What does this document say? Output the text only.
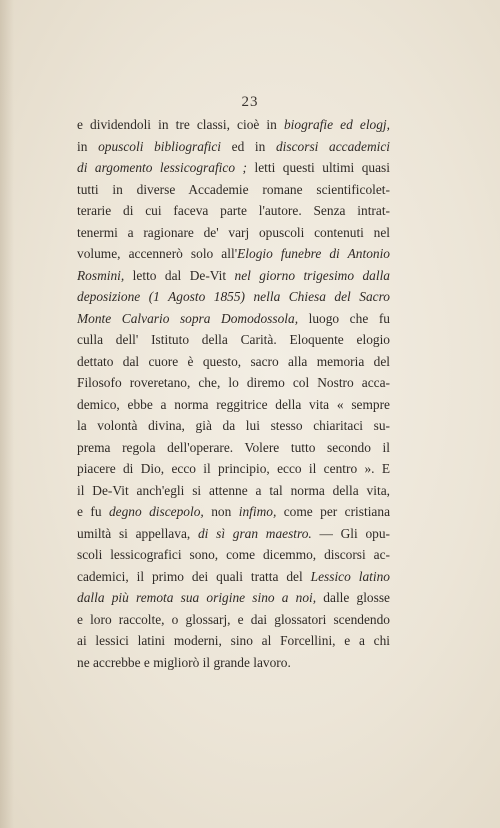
23
e dividendoli in tre classi, cioè in biografie ed elogj,
in opuscoli bibliografici ed in discorsi accademici
di argomento lessicografico ; letti questi ultimi quasi
tutti in diverse Accademie romane scientificolet-
terarie di cui faceva parte l'autore. Senza intrat-
tenermi a ragionare de' varj opuscoli contenuti nel
volume, accennerò solo all'Elogio funebre di Antonio
Rosmini, letto dal De-Vit nel giorno trigesimo dalla
deposizione (1 Agosto 1855) nella Chiesa del Sacro
Monte Calvario sopra Domodossola, luogo che fu
culla dell' Istituto della Carità. Eloquente elogio
dettato dal cuore è questo, sacro alla memoria del
Filosofo roveretano, che, lo diremo col Nostro acca-
demico, ebbe a norma reggitrice della vita « sempre
la volontà divina, già da lui stesso chiaritaci su-
prema regola dell'operare. Volere tutto secondo il
piacere di Dio, ecco il principio, ecco il centro ». E
il De-Vit anch'egli si attenne a tal norma della vita,
e fu degno discepolo, non infimo, come per cristiana
umiltà si appellava, di sì gran maestro. — Gli opu-
scoli lessicografici sono, come dicemmo, discorsi ac-
cademici, il primo dei quali tratta del Lessico latino
dalla più remota sua origine sino a noi, dalle glosse
e loro raccolte, o glossarj, e dai glossatori scendendo
ai lessici latini moderni, sino al Forcellini, e a chi
ne accrebbe e migliorò il grande lavoro.
